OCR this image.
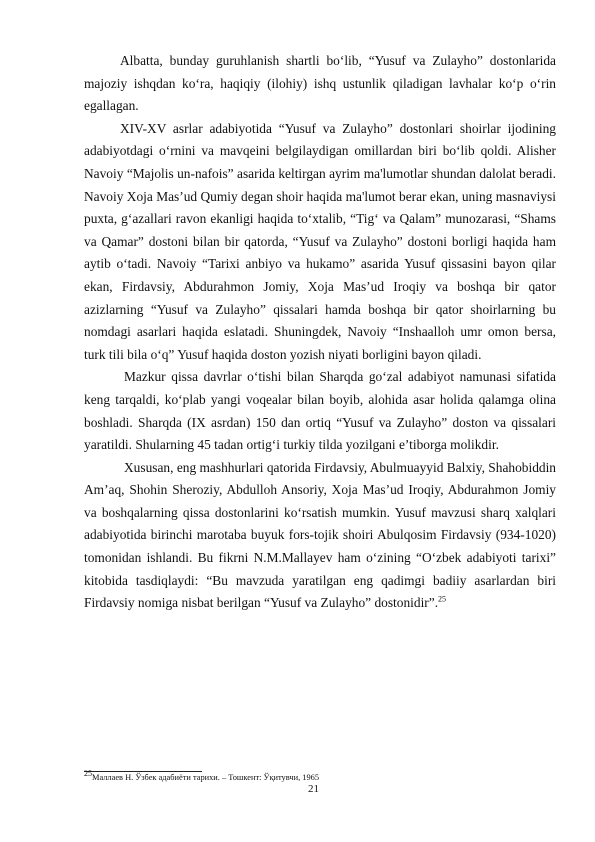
Albatta, bunday guruhlanish shartli bo‘lib, “Yusuf va Zulayho” dostonlarida majoziy ishqdan ko‘ra, haqiqiy (ilohiy) ishq ustunlik qiladigan lavhalar ko‘p o‘rin egallagan.

XIV-XV asrlar adabiyotida “Yusuf va Zulayho” dostonlari shoirlar ijodining adabiyotdagi o‘rnini va mavqeini belgilaydigan omillardan biri bo‘lib qoldi. Alisher Navoiy “Majolis un-nafois” asarida keltirgan ayrim ma'lumotlar shundan dalolat beradi. Navoiy Xoja Mas’ud Qumiy degan shoir haqida ma'lumot berar ekan, uning masnaviysi puxta, g‘azallari ravon ekanligi haqida to‘xtalib, “Tig‘ va Qalam” munozarasi, “Shams va Qamar” dostoni bilan bir qatorda, “Yusuf va Zulayho” dostoni borligi haqida ham aytib o‘tadi. Navoiy “Tarixi anbiyo va hukamo” asarida Yusuf qissasini bayon qilar ekan, Firdavsiy, Abdurahmon Jomiy, Xoja Mas’ud Iroqiy va boshqa bir qator azizlarning “Yusuf va Zulayho” qissalari hamda boshqa bir qator shoirlarning bu nomdagi asarlari haqida eslatadi. Shuningdek, Navoiy “Inshaalloh umr omon bersa, turk tili bila o‘q” Yusuf haqida doston yozish niyati borligini bayon qiladi.

Mazkur qissa davrlar o‘tishi bilan Sharqda go‘zal adabiyot namunasi sifatida keng tarqaldi, ko‘plab yangi voqealar bilan boyib, alohida asar holida qalamga olina boshladi. Sharqda (IX asrdan) 150 dan ortiq “Yusuf va Zulayho” doston va qissalari yaratildi. Shularning 45 tadan ortig‘i turkiy tilda yozilgani e’tiborga molikdir.

Xususan, eng mashhurlari qatorida Firdavsiy, Abulmuayyid Balxiy, Shahobiddin Am’aq, Shohin Sheroziy, Abdulloh Ansoriy, Xoja Mas’ud Iroqiy, Abdurahmon Jomiy va boshqalarning qissa dostonlarini ko‘rsatish mumkin. Yusuf mavzusi sharq xalqlari adabiyotida birinchi marotaba buyuk fors-tojik shoiri Abulqosim Firdavsiy (934-1020) tomonidan ishlandi. Bu fikrni N.M.Mallayev ham o‘zining “O‘zbek adabiyoti tarixi” kitobida tasdiqlaydi: “Bu mavzuda yaratilgan eng qadimgi badiiy asarlardan biri Firdavsiy nomiga nisbat berilgan “Yusuf va Zulayho” dostonidir”.$^{25}$

$^{25}$Маллаев Н. Ўзбек адабиёти тарихи. – Тошкент: Ўқитувчи, 1965
21
